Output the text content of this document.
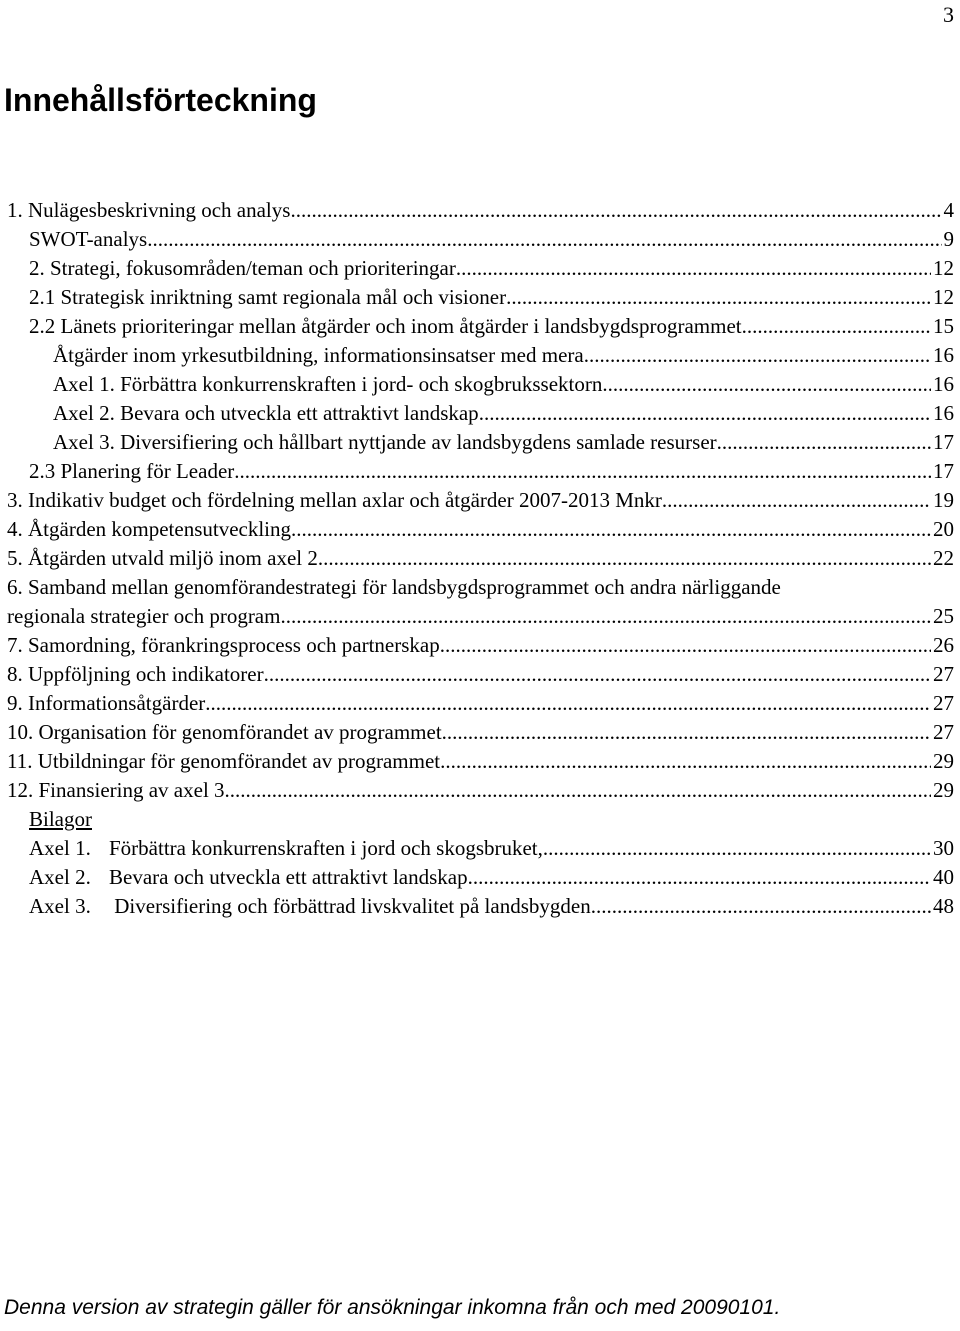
3
Innehållsförteckning
1. Nulägesbeskrivning och analys .....	4
SWOT-analys .....	9
2. Strategi, fokusområden/teman och prioriteringar .....	12
2.1 Strategisk inriktning samt regionala mål och visioner .....	12
2.2 Länets prioriteringar mellan åtgärder och inom åtgärder i landsbygdsprogrammet .....	15
Åtgärder inom yrkesutbildning, informationsinsatser med mera .....	16
Axel 1. Förbättra konkurrenskraften i jord- och skogbrukssektorn .....	16
Axel 2. Bevara och utveckla ett attraktivt landskap .....	16
Axel 3. Diversifiering och hållbart nyttjande av landsbygdens samlade resurser .....	17
2.3 Planering för Leader .....	17
3. Indikativ budget och fördelning mellan axlar och åtgärder 2007-2013 Mnkr .....	19
4. Åtgärden kompetensutveckling .....	20
5. Åtgärden utvald miljö inom axel 2 .....	22
6. Samband mellan genomförandestrategi för landsbygdsprogrammet och andra närliggande
regionala strategier och program .....	25
7. Samordning, förankringsprocess och partnerskap .....	26
8. Uppföljning och indikatorer .....	27
9. Informationsåtgärder .....	27
10. Organisation för genomförandet av programmet .....	27
11. Utbildningar för genomförandet av programmet .....	29
12. Finansiering av axel 3 .....	29
Bilagor
Axel 1. Förbättra konkurrenskraften i jord och skogsbruket, .....	30
Axel 2. Bevara och utveckla ett attraktivt landskap .....	40
Axel 3. Diversifiering och förbättrad livskvalitet på landsbygden .....	48
Denna version av strategin gäller för ansökningar inkomna från och med 20090101.
